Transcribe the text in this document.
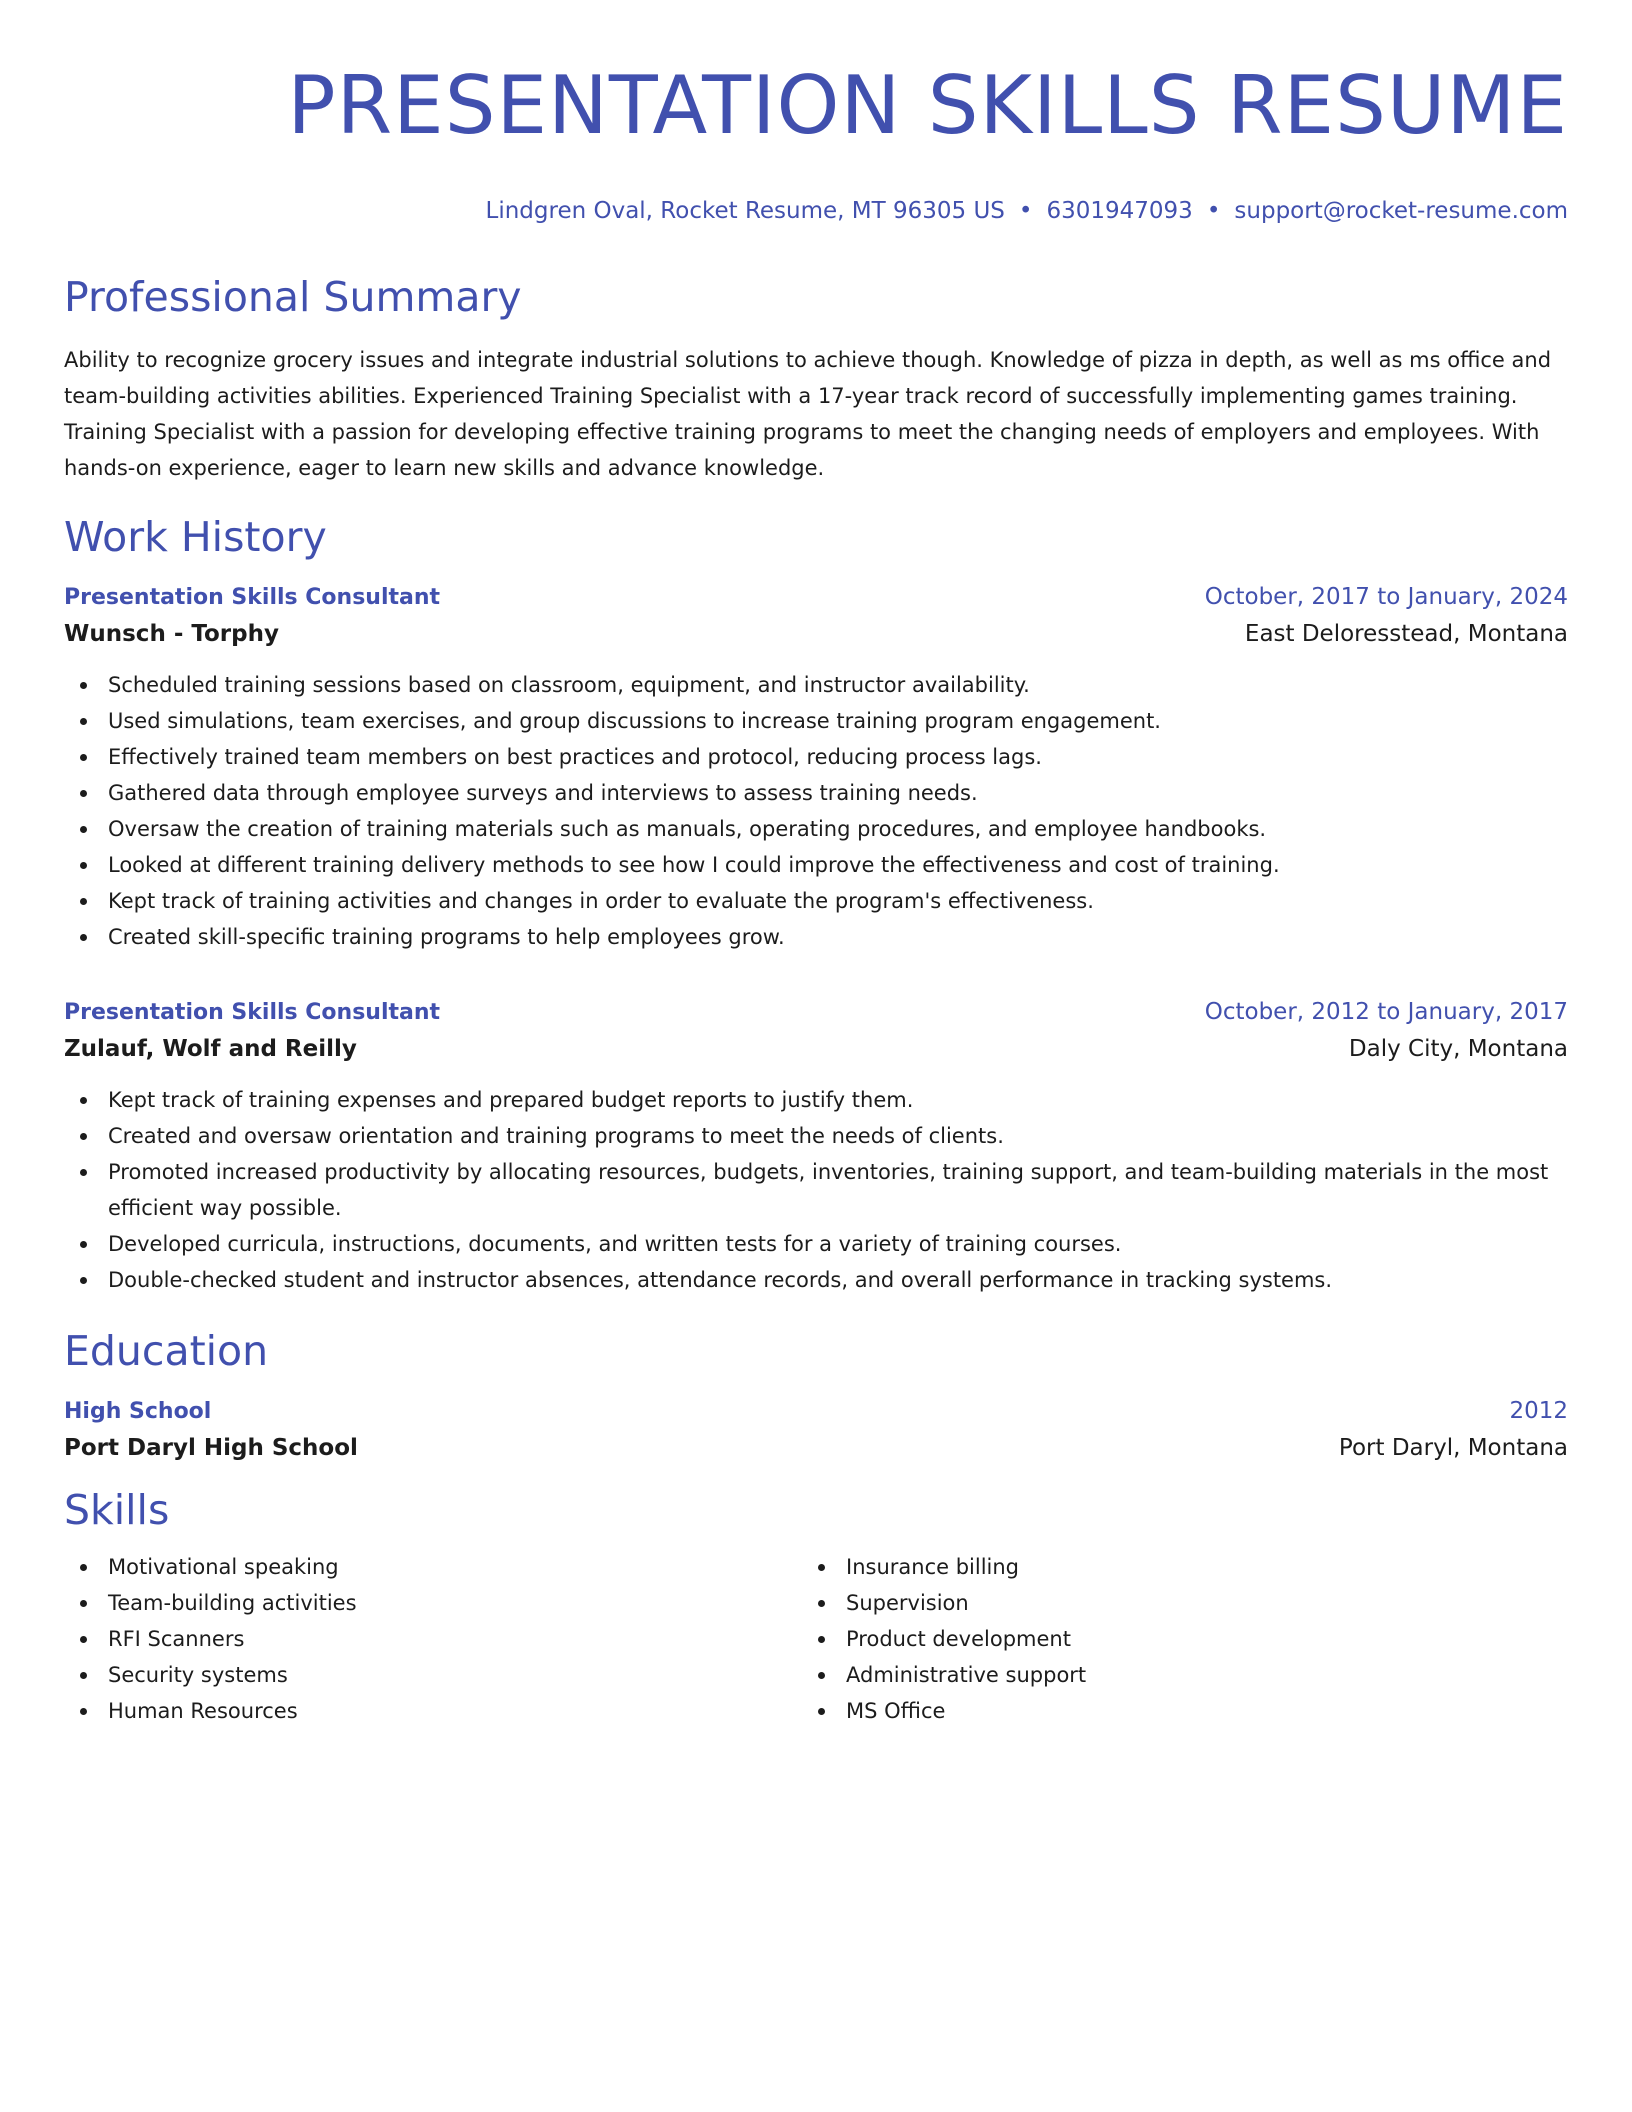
PRESENTATION SKILLS RESUME
Lindgren Oval, Rocket Resume, MT 96305 US • 6301947093 • support@rocket-resume.com
Professional Summary

Ability to recognize grocery issues and integrate industrial solutions to achieve though. Knowledge of pizza in depth, as well as ms office and team-building activities abilities. Experienced Training Specialist with a 17-year track record of successfully implementing games training. Training Specialist with a passion for developing effective training programs to meet the changing needs of employers and employees. With hands-on experience, eager to learn new skills and advance knowledge.

Work History
Presentation Skills Consultant	October, 2017 to January, 2024
Wunsch - Torphy	East Deloresstead, Montana
Scheduled training sessions based on classroom, equipment, and instructor availability.
Used simulations, team exercises, and group discussions to increase training program engagement.
Effectively trained team members on best practices and protocol, reducing process lags.
Gathered data through employee surveys and interviews to assess training needs.
Oversaw the creation of training materials such as manuals, operating procedures, and employee handbooks.
Looked at different training delivery methods to see how I could improve the effectiveness and cost of training.
Kept track of training activities and changes in order to evaluate the program's effectiveness.
Created skill-specific training programs to help employees grow.
Presentation Skills Consultant	October, 2012 to January, 2017
Zulauf, Wolf and Reilly	Daly City, Montana
Kept track of training expenses and prepared budget reports to justify them.
Created and oversaw orientation and training programs to meet the needs of clients.
Promoted increased productivity by allocating resources, budgets, inventories, training support, and team-building materials in the most efficient way possible.
Developed curricula, instructions, documents, and written tests for a variety of training courses.
Double-checked student and instructor absences, attendance records, and overall performance in tracking systems.
Education
High School	2012
Port Daryl High School	Port Daryl, Montana
Skills
Motivational speaking
Team-building activities
RFI Scanners
Security systems
Human Resources
Insurance billing
Supervision
Product development
Administrative support
MS Office
